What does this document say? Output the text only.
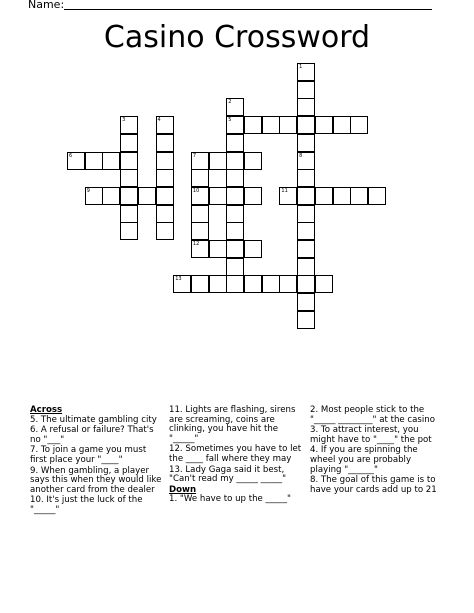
Name:
Casino Crossword
1
2
3	4	5
6	7	8
9	10	11
12
13
Across
5. The ultimate gambling city
6. A refusal or failure? That's no "___"
7. To join a game you must first place your "____"
9. When gambling, a player says this when they would like another card from the dealer
10. It's just the luck of the "_____"
11. Lights are flashing, sirens are screaming, coins are clinking, you have hit the "_____"
12. Sometimes you have to let the ____ fall where they may
13. Lady Gaga said it best, "Can't read my _____ _____"
Down
1. "We have to up the _____"
2. Most people stick to the "_____ ________" at the casino
3. To attract interest, you might have to "____" the pot
4. If you are spinning the wheel you are probably playing "______"
8. The goal of this game is to have your cards add up to 21
